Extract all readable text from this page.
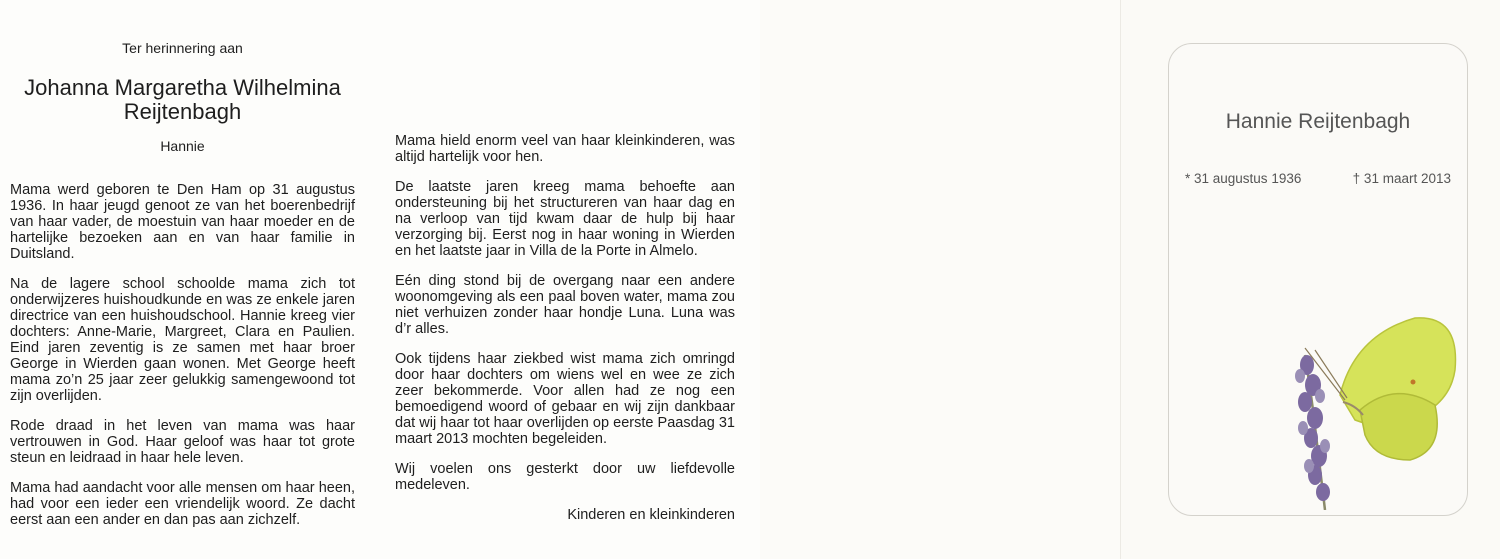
Ter herinnering aan
Johanna Margaretha Wilhelmina
Reijtenbagh
Hannie

Mama werd geboren te Den Ham op 31 augustus 1936. In haar jeugd genoot ze van het boerenbedrijf van haar vader, de moestuin van haar moeder en de hartelijke bezoeken aan en van haar familie in Duitsland.

Na de lagere school schoolde mama zich tot onderwijzeres huishoudkunde en was ze enkele jaren directrice van een huishoudschool. Hannie kreeg vier dochters: Anne-Marie, Margreet, Clara en Paulien. Eind jaren zeventig is ze samen met haar broer George in Wierden gaan wonen. Met George heeft mama zo’n 25 jaar zeer gelukkig samengewoond tot zijn overlijden.

Rode draad in het leven van mama was haar vertrouwen in God. Haar geloof was haar tot grote steun en leidraad in haar hele leven.

Mama had aandacht voor alle mensen om haar heen, had voor een ieder een vriendelijk woord. Ze dacht eerst aan een ander en dan pas aan zichzelf.

Mama hield enorm veel van haar kleinkinderen, was altijd hartelijk voor hen.

De laatste jaren kreeg mama behoefte aan ondersteuning bij het structureren van haar dag en na verloop van tijd kwam daar de hulp bij haar verzorging bij. Eerst nog in haar woning in Wierden en het laatste jaar in Villa de la Porte in Almelo.

Eén ding stond bij de overgang naar een andere woonomgeving als een paal boven water, mama zou niet verhuizen zonder haar hondje Luna. Luna was d’r alles.

Ook tijdens haar ziekbed wist mama zich omringd door haar dochters om wiens wel en wee ze zich zeer bekommerde. Voor allen had ze nog een bemoedigend woord of gebaar en wij zijn dankbaar dat wij haar tot haar overlijden op eerste Paasdag 31 maart 2013 mochten begeleiden.

Wij voelen ons gesterkt door uw liefdevolle medeleven.

Kinderen en kleinkinderen
Hannie Reijtenbagh
* 31 augustus 1936	† 31 maart 2013
